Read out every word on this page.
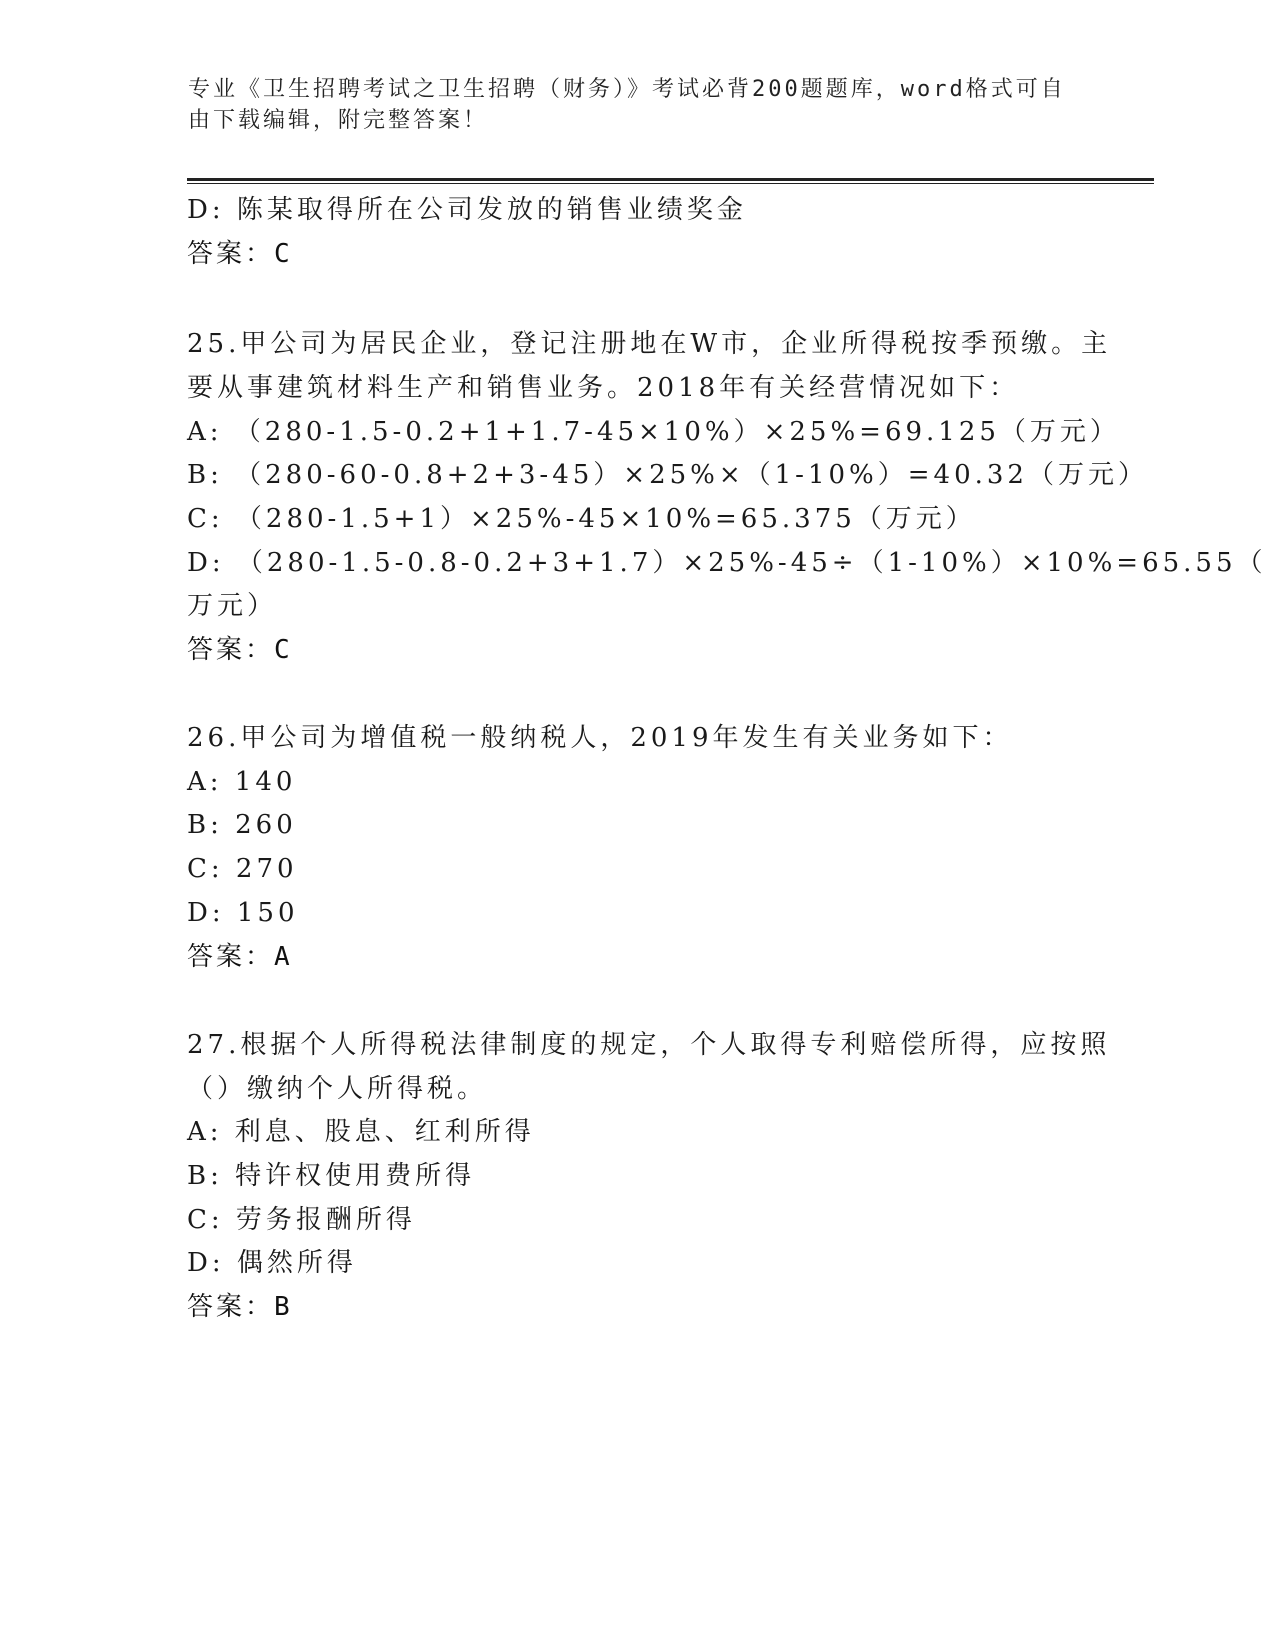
专业《卫生招聘考试之卫生招聘（财务）》考试必背200题题库，word格式可自
由下载编辑，附完整答案！
D: 陈某取得所在公司发放的销售业绩奖金
答案：C
25.甲公司为居民企业，登记注册地在W市，企业所得税按季预缴。主
要从事建筑材料生产和销售业务。2018年有关经营情况如下：
A: （280-1.5-0.2+1+1.7-45×10%）×25%=69.125（万元）
B: （280-60-0.8+2+3-45）×25%×（1-10%）=40.32（万元）
C: （280-1.5+1）×25%-45×10%=65.375（万元）
D: （280-1.5-0.8-0.2+3+1.7）×25%-45÷（1-10%）×10%=65.55（
万元）
答案：C
26.甲公司为增值税一般纳税人，2019年发生有关业务如下：
A: 140
B: 260
C: 270
D: 150
答案：A
27.根据个人所得税法律制度的规定，个人取得专利赔偿所得，应按照
（）缴纳个人所得税。
A: 利息、股息、红利所得
B: 特许权使用费所得
C: 劳务报酬所得
D: 偶然所得
答案：B
